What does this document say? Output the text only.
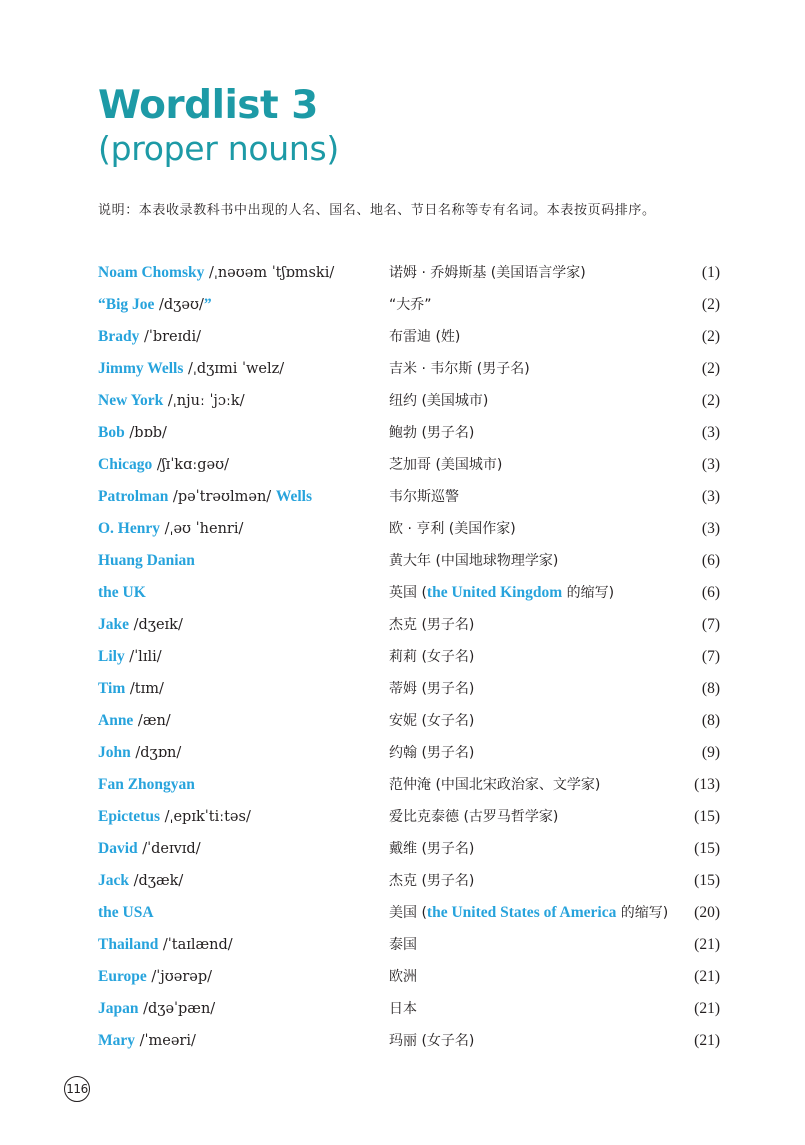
Wordlist 3
(proper nouns)
说明：本表收录教科书中出现的人名、国名、地名、节日名称等专有名词。本表按页码排序。
Noam Chomsky /ˌnəʊəm ˈtʃɒmski/	诺姆 · 乔姆斯基 (美国语言学家)	(1)
“Big Joe /dʒəʊ/”	“大乔”	(2)
Brady /ˈbreɪdi/	布雷迪 (姓)	(2)
Jimmy Wells /ˌdʒɪmi ˈwelz/	吉米 · 韦尔斯 (男子名)	(2)
New York /ˌnjuː ˈjɔːk/	纽约 (美国城市)	(2)
Bob /bɒb/	鲍勃 (男子名)	(3)
Chicago /ʃɪˈkɑːgəʊ/	芝加哥 (美国城市)	(3)
Patrolman /pəˈtrəʊlmən/ Wells	韦尔斯巡警	(3)
O. Henry /ˌəʊ ˈhenri/	欧 · 亨利 (美国作家)	(3)
Huang Danian	黄大年 (中国地球物理学家)	(6)
the UK	英国 (the United Kingdom 的缩写)	(6)
Jake /dʒeɪk/	杰克 (男子名)	(7)
Lily /ˈlɪli/	莉莉 (女子名)	(7)
Tim /tɪm/	蒂姆 (男子名)	(8)
Anne /æn/	安妮 (女子名)	(8)
John /dʒɒn/	约翰 (男子名)	(9)
Fan Zhongyan	范仲淹 (中国北宋政治家、文学家)	(13)
Epictetus /ˌepɪkˈtiːtəs/	爱比克泰德 (古罗马哲学家)	(15)
David /ˈdeɪvɪd/	戴维 (男子名)	(15)
Jack /dʒæk/	杰克 (男子名)	(15)
the USA	美国 (the United States of America 的缩写) (20)
Thailand /ˈtaɪlænd/	泰国	(21)
Europe /ˈjʊərəp/	欧洲	(21)
Japan /dʒəˈpæn/	日本	(21)
Mary /ˈmeəri/	玛丽 (女子名)	(21)
116
